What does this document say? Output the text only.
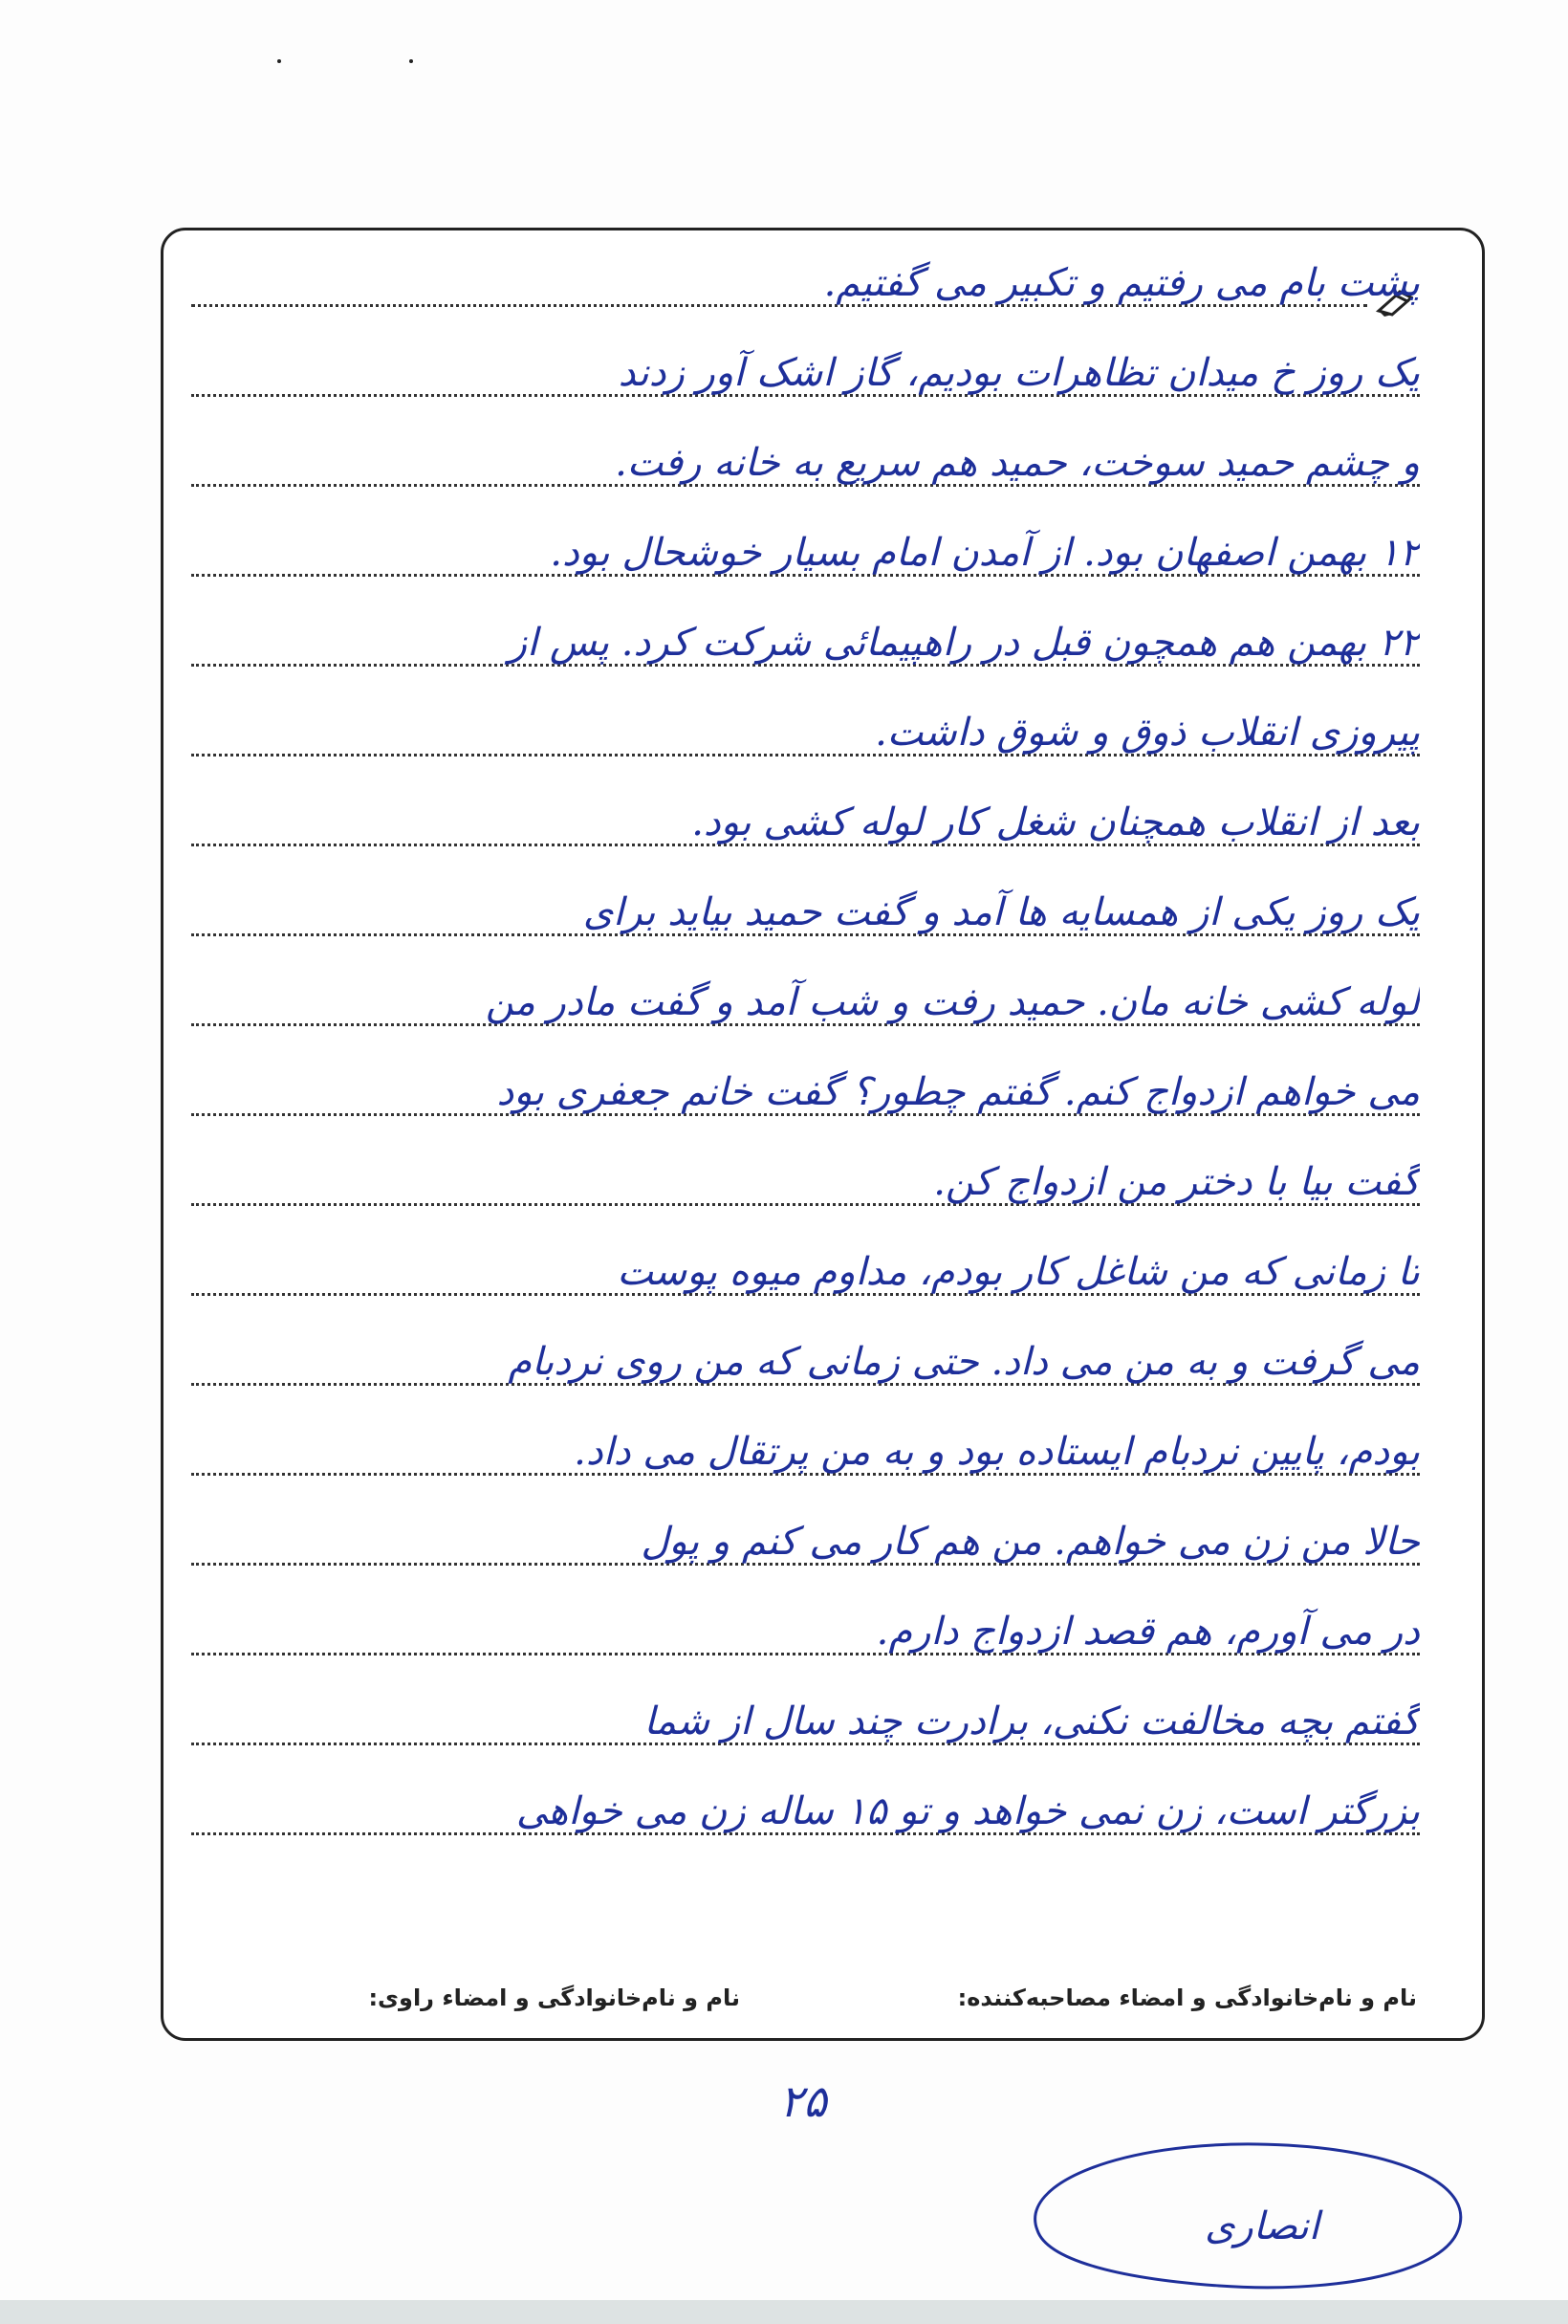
پشت بام می رفتیم و تکبیر می گفتیم.
یک روز خ میدان تظاهرات بودیم، گاز اشک آور زدند
و چشم حمید سوخت، حمید هم سریع به خانه رفت.
۱۲ بهمن اصفهان بود. از آمدن امام بسیار خوشحال بود.
۲۲ بهمن هم همچون قبل در راهپیمائی شرکت کرد. پس از
پیروزی انقلاب ذوق و شوق داشت.
بعد از انقلاب همچنان شغل کار لوله کشی بود.
یک روز یکی از همسایه ها آمد و گفت حمید بیاید برای
لوله کشی خانه مان. حمید رفت و شب آمد و گفت مادر من
می خواهم ازدواج کنم. گفتم چطور؟ گفت خانم جعفری بود
گفت بیا با دختر من ازدواج کن.
تا زمانی که من شاغل کار بودم، مداوم میوه پوست
می گرفت و به من می داد. حتی زمانی که من روی نردبام
بودم، پایین نردبام ایستاده بود و به من پرتقال می داد.
حالا من زن می خواهم. من هم کار می کنم و پول
در می آورم، هم قصد ازدواج دارم.
گفتم بچه مخالفت نکنی، برادرت چند سال از شما
بزرگتر است، زن نمی خواهد و تو ۱۵ ساله زن می خواهی
نام و نام‌خانوادگی و امضاء مصاحبه‌کننده:
نام و نام‌خانوادگی و امضاء راوی:
۲۵
انصاری
